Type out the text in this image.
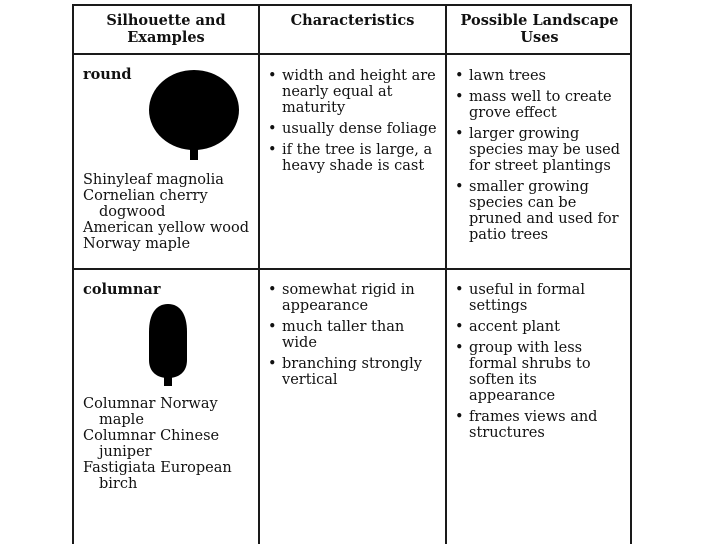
Silhouette and
Examples
Characteristics	Possible Landscape
Uses
round
Shinyleaf magnolia
Cornelian cherry dogwood
American yellow wood
Norway maple
• width and height are nearly equal at maturity
• usually dense foliage
• if the tree is large, a heavy shade is cast
• lawn trees
• mass well to create grove effect
• larger growing species may be used for street plantings
• smaller growing species can be pruned and used for patio trees
columnar
Columnar Norway maple
Columnar Chinese juniper
Fastigiata European birch
• somewhat rigid in appearance
• much taller than wide
• branching strongly vertical
• useful in formal settings
• accent plant
• group with less formal shrubs to soften its appearance
• frames views and structures
